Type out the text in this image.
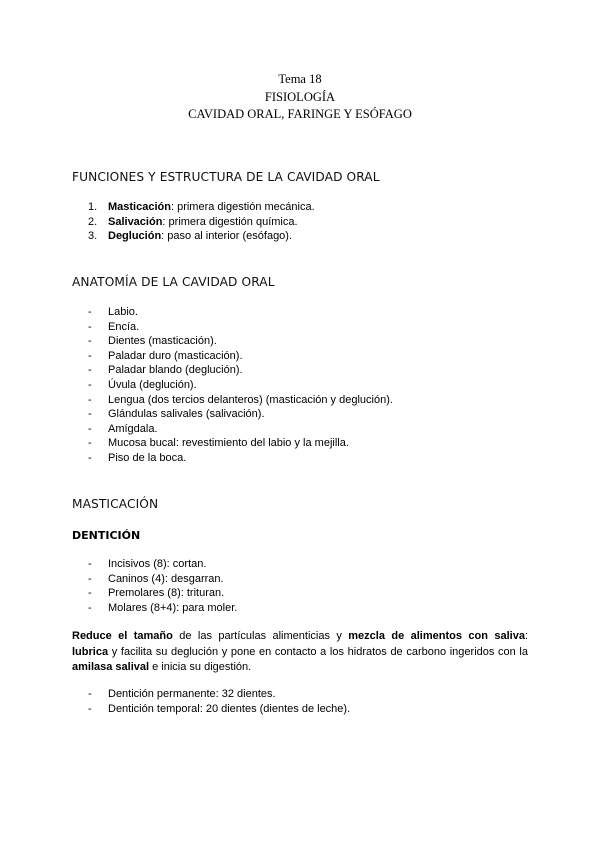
Tema 18
FISIOLOGÍA
CAVIDAD ORAL, FARINGE Y ESÓFAGO
FUNCIONES Y ESTRUCTURA DE LA CAVIDAD ORAL
1. Masticación: primera digestión mecánica.
2. Salivación: primera digestión química.
3. Deglución: paso al interior (esófago).
ANATOMÍA DE LA CAVIDAD ORAL
- Labio.
- Encía.
- Dientes (masticación).
- Paladar duro (masticación).
- Paladar blando (deglución).
- Úvula (deglución).
- Lengua (dos tercios delanteros) (masticación y deglución).
- Glándulas salivales (salivación).
- Amígdala.
- Mucosa bucal: revestimiento del labio y la mejilla.
- Piso de la boca.
MASTICACIÓN
DENTICIÓN
- Incisivos (8): cortan.
- Caninos (4): desgarran.
- Premolares (8): trituran.
- Molares (8+4): para moler.
Reduce el tamaño de las partículas alimenticias y mezcla de alimentos con saliva:
lubrica y facilita su deglución y pone en contacto a los hidratos de carbono ingeridos con la
amilasa salival e inicia su digestión.
- Dentición permanente: 32 dientes.
- Dentición temporal: 20 dientes (dientes de leche).
